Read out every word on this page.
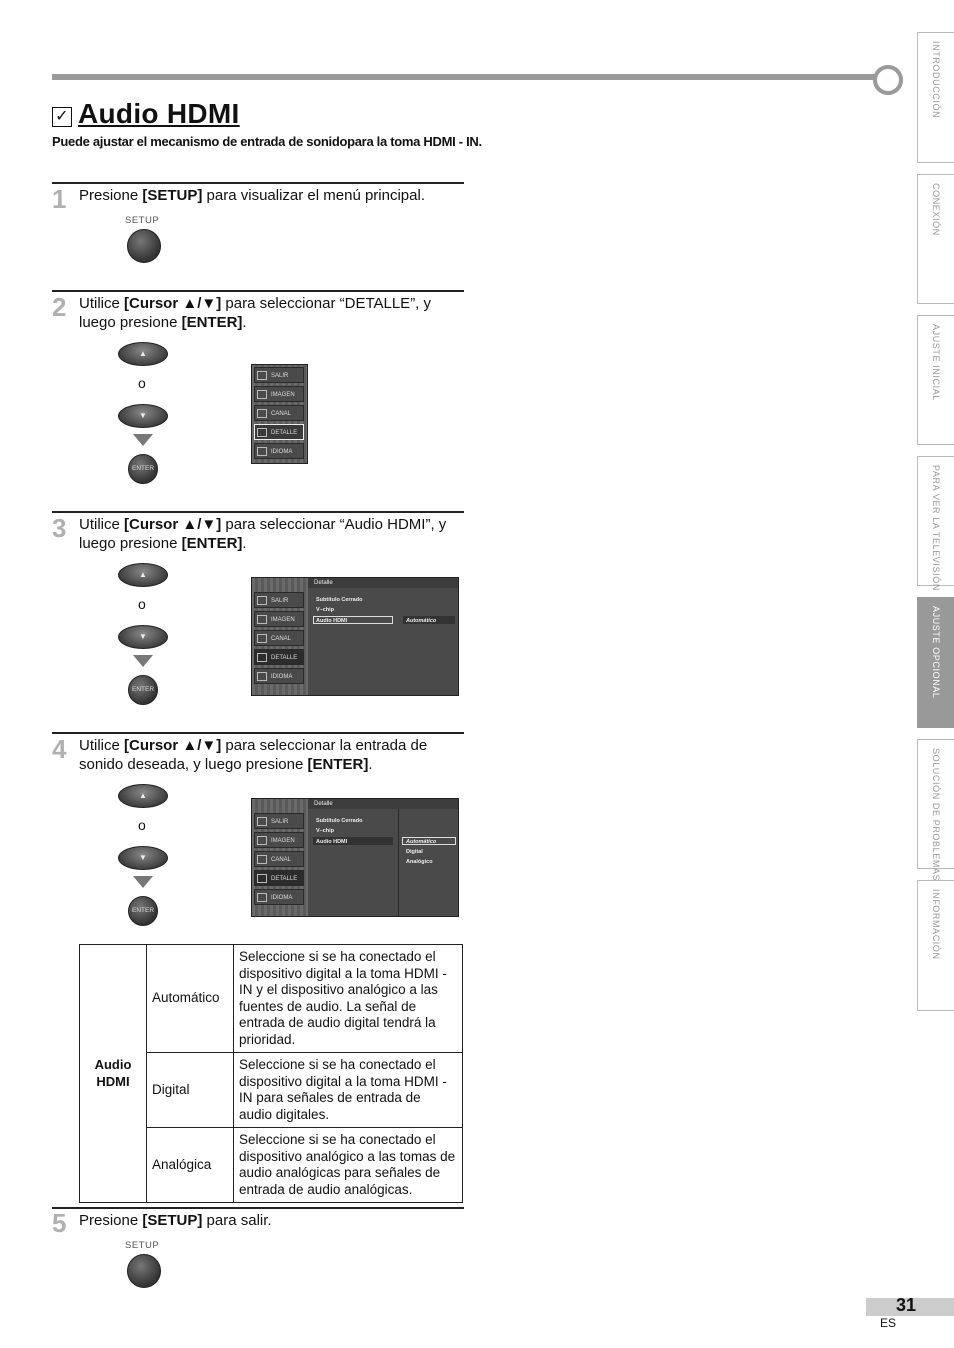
✓ Audio HDMI
Puede ajustar el mecanismo de entrada de sonidopara la toma HDMI - IN.
1 Presione [SETUP] para visualizar el menú principal.
SETUP
2 Utilice [Cursor ▲/▼] para seleccionar “DETALLE”, y luego presione [ENTER].
▲
o
▼
ENTER
SALIR
IMAGEN
CANAL
DETALLE
IDIOMA
3 Utilice [Cursor ▲/▼] para seleccionar “Audio HDMI”, y luego presione [ENTER].
▲
o
▼
ENTER
SALIR
IMAGEN
CANAL
DETALLE
IDIOMA
Detalle
Subtítulo Cerrado
V–chip
Audio HDMI	Automático
4 Utilice [Cursor ▲/▼] para seleccionar la entrada de sonido deseada, y luego presione [ENTER].
▲
o
▼
ENTER
SALIR
IMAGEN
CANAL
DETALLE
IDIOMA
Detalle
Subtítulo Cerrado
V–chip
Audio HDMI	Automático
Digital
Analógico
Audio HDMI	Automático	Seleccione si se ha conectado el dispositivo digital a la toma HDMI - IN y el dispositivo analógico a las fuentes de audio. La señal de entrada de audio digital tendrá la prioridad.
	Digital	Seleccione si se ha conectado el dispositivo digital a la toma HDMI - IN para señales de entrada de audio digitales.
	Analógica	Seleccione si se ha conectado el dispositivo analógico a las tomas de audio analógicas para señales de entrada de audio analógicas.
5 Presione [SETUP] para salir.
SETUP
INTRODUCCIÓN
CONEXIÓN
AJUSTE INICIAL
PARA VER LA TELEVISIÓN
AJUSTE OPCIONAL
SOLUCIÓN DE PROBLEMAS
INFORMACIÓN
31
ES
